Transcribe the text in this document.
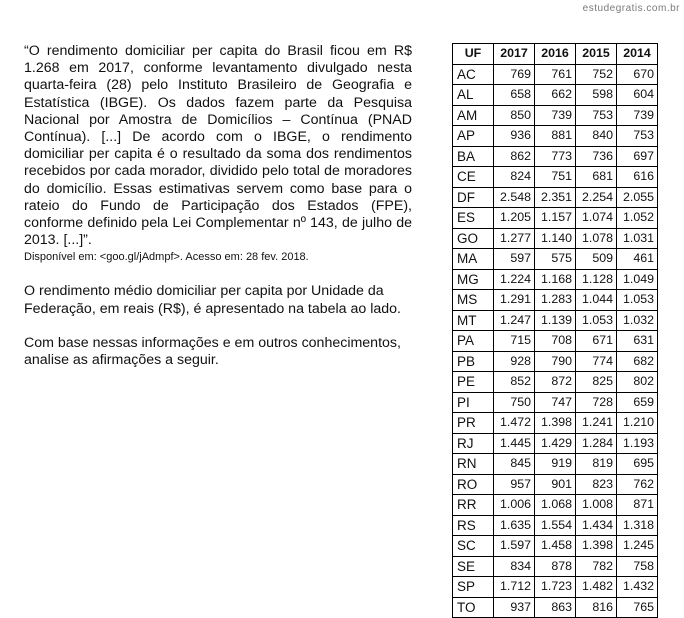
estudegratis.com.br

“O rendimento domiciliar per capita do Brasil ficou em R$ 1.268 em 2017, conforme levantamento divulgado nesta quarta-feira (28) pelo Instituto Brasileiro de Geografia e Estatística (IBGE). Os dados fazem parte da Pesquisa Nacional por Amostra de Domicílios – Contínua (PNAD Contínua). [...] De acordo com o IBGE, o rendimento domiciliar per capita é o resultado da soma dos rendimentos recebidos por cada morador, dividido pelo total de moradores do domicílio. Essas estimativas servem como base para o rateio do Fundo de Participação dos Estados (FPE), conforme definido pela Lei Complementar nº 143, de julho de 2013. [...]”.

Disponível em: <goo.gl/jAdmpf>. Acesso em: 28 fev. 2018.

O rendimento médio domiciliar per capita por Unidade da Federação, em reais (R$), é apresentado na tabela ao lado.

Com base nessas informações e em outros conhecimentos, analise as afirmações a seguir.

UF	2017	2016	2015	2014
AC	769	761	752	670
AL	658	662	598	604
AM	850	739	753	739
AP	936	881	840	753
BA	862	773	736	697
CE	824	751	681	616
DF	2.548	2.351	2.254	2.055
ES	1.205	1.157	1.074	1.052
GO	1.277	1.140	1.078	1.031
MA	597	575	509	461
MG	1.224	1.168	1.128	1.049
MS	1.291	1.283	1.044	1.053
MT	1.247	1.139	1.053	1.032
PA	715	708	671	631
PB	928	790	774	682
PE	852	872	825	802
PI	750	747	728	659
PR	1.472	1.398	1.241	1.210
RJ	1.445	1.429	1.284	1.193
RN	845	919	819	695
RO	957	901	823	762
RR	1.006	1.068	1.008	871
RS	1.635	1.554	1.434	1.318
SC	1.597	1.458	1.398	1.245
SE	834	878	782	758
SP	1.712	1.723	1.482	1.432
TO	937	863	816	765
